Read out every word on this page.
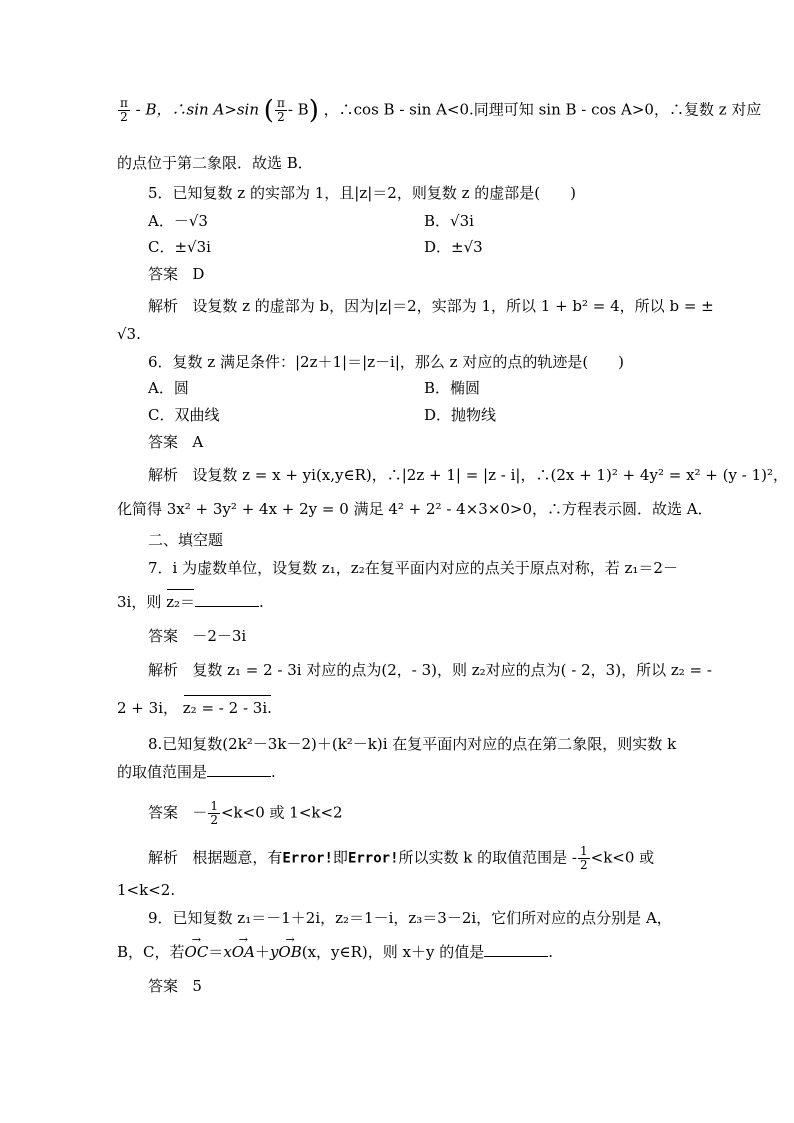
$\frac{\pi}{2}$ - B，∴sin A>sin ( $\frac{\pi}{2} - B$) ，∴cos B - sin A<0.同理可知 sin B - cos A>0，∴复数 z 对应
的点位于第二象限．故选 B．
5．已知复数 z 的实部为 1，且|z|＝2，则复数 z 的虚部是(　　)
A．－√3	B．√3i
C．±√3i	D．±√3
答案 D
解析 设复数 z 的虚部为 b，因为|z|＝2，实部为 1，所以 1 + b² = 4，所以 b = ±
√3.
6．复数 z 满足条件：|2z＋1|＝|z－i|，那么 z 对应的点的轨迹是(　　)
A．圆	B．椭圆
C．双曲线	D．抛物线
答案 A
解析 设复数 z = x + yi(x,y∈R)，∴|2z + 1| = |z - i|，∴(2x + 1)² + 4y² = x² + (y - 1)²，
化简得 3x² + 3y² + 4x + 2y = 0 满足 4² + 2² - 4×3×0>0，∴方程表示圆．故选 A．
二、填空题
7．i 为虚数单位，设复数 z₁，z₂在复平面内对应的点关于原点对称，若 z₁＝2－
3i，则 z₂＝	.
答案 －2－3i
解析 复数 z₁ = 2 - 3i 对应的点为(2，- 3)，则 z₂对应的点为( - 2，3)，所以 z₂ = -
2 + 3i， z₂ = - 2 - 3i.
8.已知复数(2k²－3k－2)＋(k²－k)i 在复平面内对应的点在第二象限，则实数 k
的取值范围是	.
答案 － $\frac{1}{2} <k<0$ 或 1<k<2
解析 根据题意，有Error!即Error!所以实数 k 的取值范围是 - $\frac{1}{2} <k<0$ 或
1<k<2.
9．已知复数 z₁＝－1＋2i，z₂＝1－i，z₃＝3－2i，它们所对应的点分别是 A，
B，C，若→ OC＝x→ OA＋y→ OB(x，y∈R)，则 x＋y 的值是	.
答案 5
